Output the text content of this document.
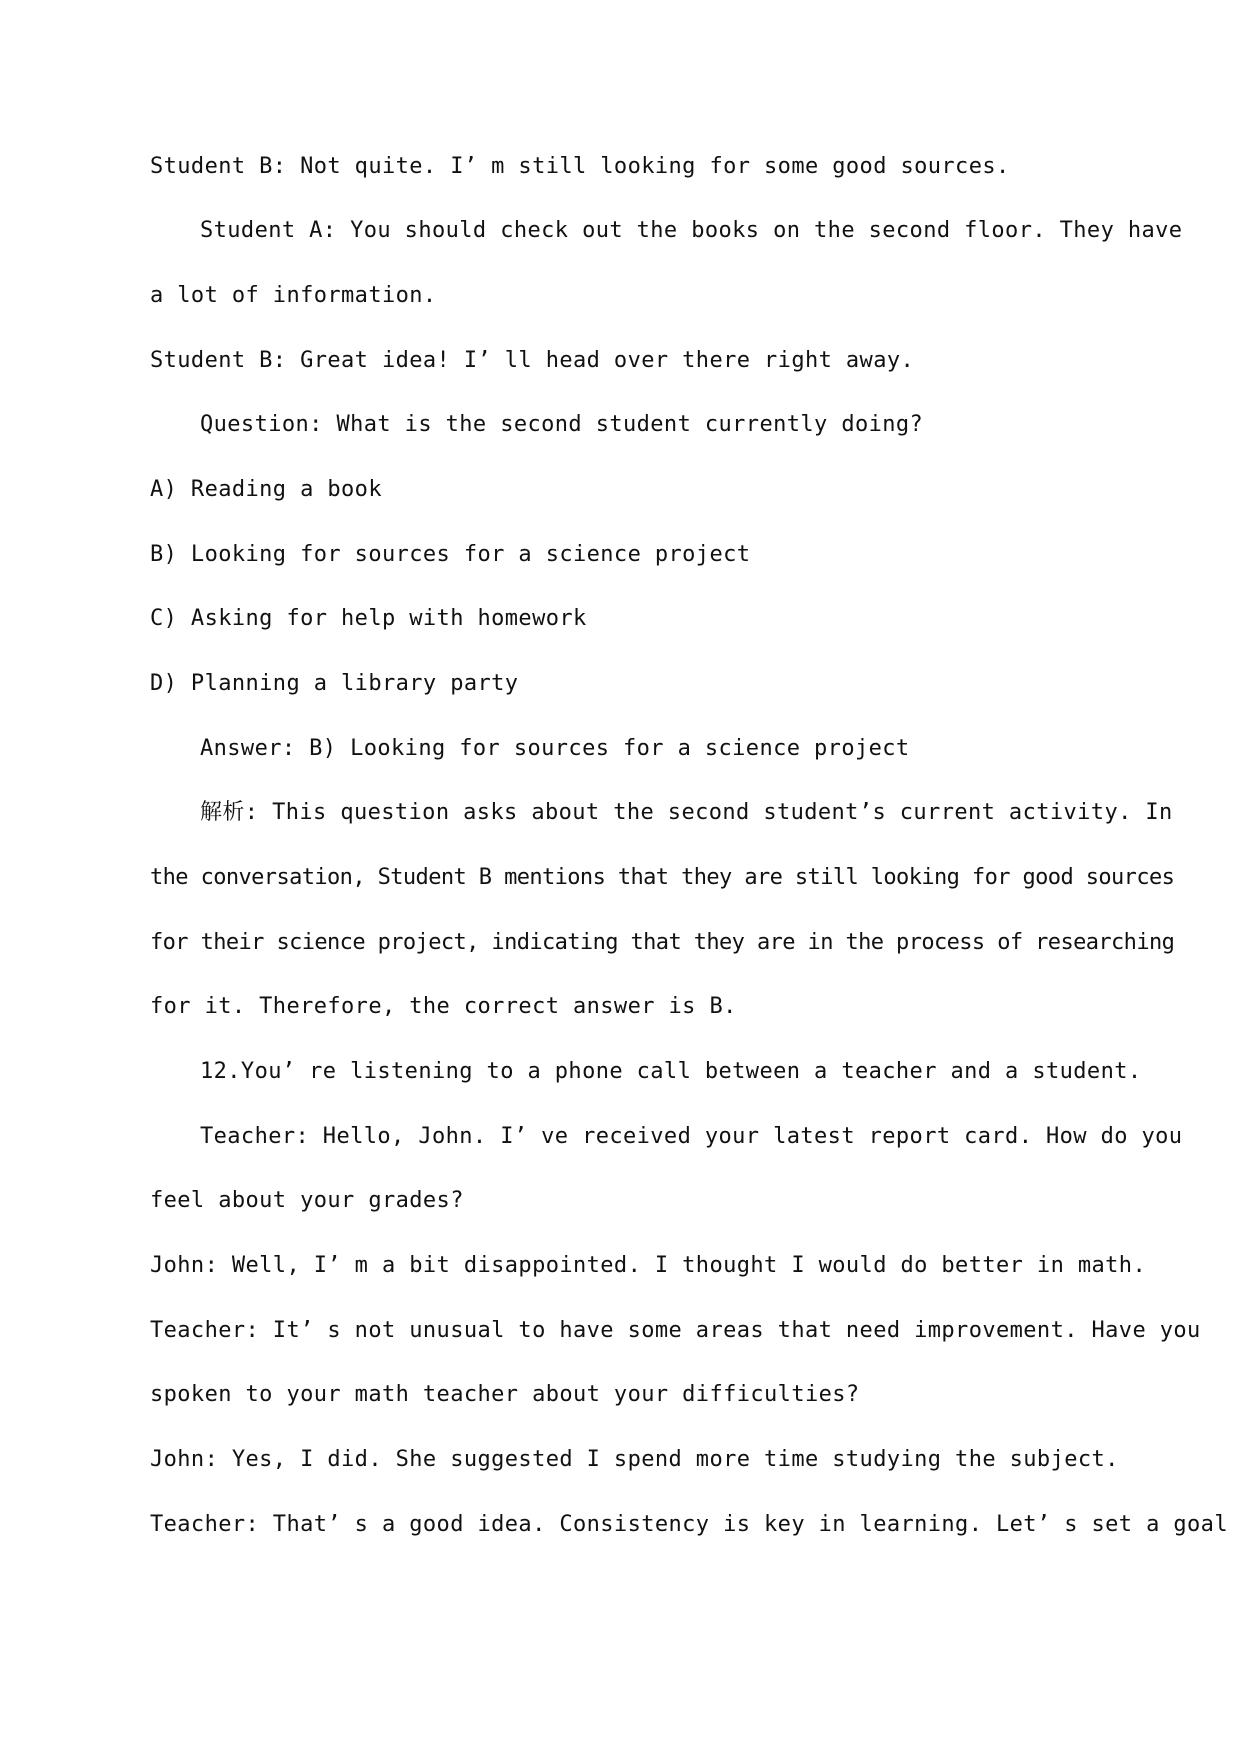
Student B: Not quite. I’ m still looking for some good sources.
Student A: You should check out the books on the second floor. They have
a lot of information.
Student B: Great idea! I’ ll head over there right away.
Question: What is the second student currently doing?
A) Reading a book
B) Looking for sources for a science project
C) Asking for help with homework
D) Planning a library party
Answer: B) Looking for sources for a science project
解析: This question asks about the second student’s current activity. In
the conversation, Student B mentions that they are still looking for good sources
for their science project, indicating that they are in the process of researching
for it. Therefore, the correct answer is B.
12.You’ re listening to a phone call between a teacher and a student.
Teacher: Hello, John. I’ ve received your latest report card. How do you
feel about your grades?
John: Well, I’ m a bit disappointed. I thought I would do better in math.
Teacher: It’ s not unusual to have some areas that need improvement. Have you
spoken to your math teacher about your difficulties?
John: Yes, I did. She suggested I spend more time studying the subject.
Teacher: That’ s a good idea. Consistency is key in learning. Let’ s set a goal
